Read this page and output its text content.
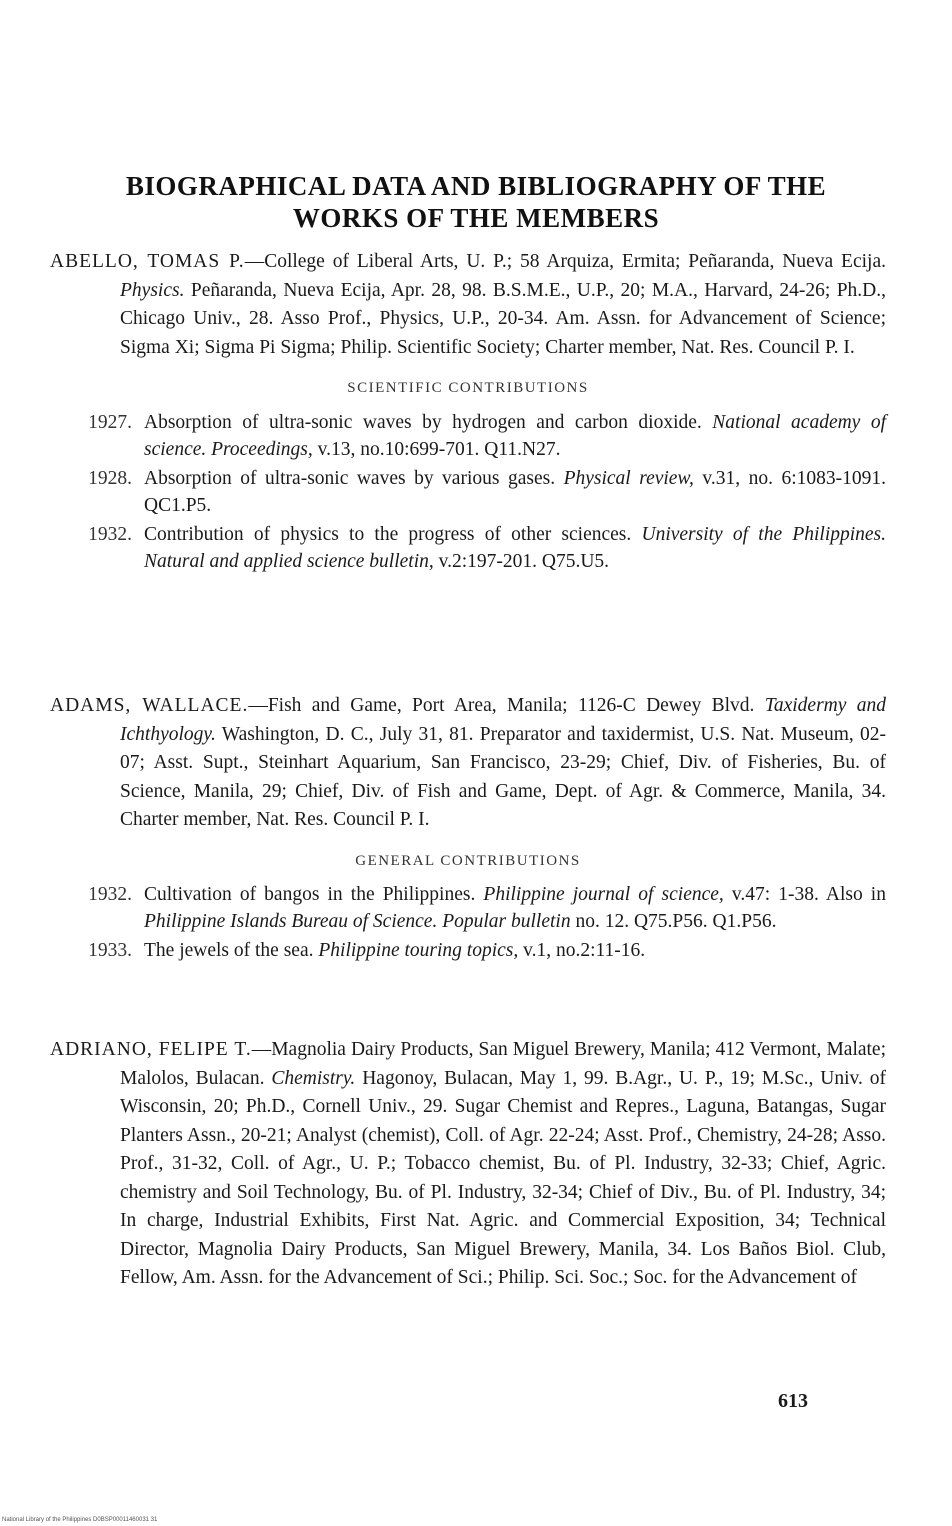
BIOGRAPHICAL DATA AND BIBLIOGRAPHY OF THE
WORKS OF THE MEMBERS
ABELLO, TOMAS P.—College of Liberal Arts, U. P.; 58 Arquiza, Ermita; Peñaranda, Nueva Ecija. Physics. Peñaranda, Nueva Ecija, Apr. 28, 98. B.S.M.E., U.P., 20; M.A., Harvard, 24-26; Ph.D., Chicago Univ., 28. Asso Prof., Physics, U.P., 20-34. Am. Assn. for Advancement of Science; Sigma Xi; Sigma Pi Sigma; Philip. Scientific Society; Charter member, Nat. Res. Council P. I.
SCIENTIFIC CONTRIBUTIONS
1927. Absorption of ultra-sonic waves by hydrogen and carbon dioxide. National academy of science. Proceedings, v.13, no.10:699-701. Q11.N27.
1928. Absorption of ultra-sonic waves by various gases. Physical review, v.31, no. 6:1083-1091. QC1.P5.
1932. Contribution of physics to the progress of other sciences. University of the Philippines. Natural and applied science bulletin, v.2:197-201. Q75.U5.
ADAMS, WALLACE.—Fish and Game, Port Area, Manila; 1126-C Dewey Blvd. Taxidermy and Ichthyology. Washington, D. C., July 31, 81. Preparator and taxidermist, U.S. Nat. Museum, 02-07; Asst. Supt., Steinhart Aquarium, San Francisco, 23-29; Chief, Div. of Fisheries, Bu. of Science, Manila, 29; Chief, Div. of Fish and Game, Dept. of Agr. & Commerce, Manila, 34. Charter member, Nat. Res. Council P. I.
GENERAL CONTRIBUTIONS
1932. Cultivation of bangos in the Philippines. Philippine journal of science, v.47: 1-38. Also in Philippine Islands Bureau of Science. Popular bulletin no. 12. Q75.P56. Q1.P56.
1933. The jewels of the sea. Philippine touring topics, v.1, no.2:11-16.
ADRIANO, FELIPE T.—Magnolia Dairy Products, San Miguel Brewery, Manila; 412 Vermont, Malate; Malolos, Bulacan. Chemistry. Hagonoy, Bulacan, May 1, 99. B.Agr., U. P., 19; M.Sc., Univ. of Wisconsin, 20; Ph.D., Cornell Univ., 29. Sugar Chemist and Repres., Laguna, Batangas, Sugar Planters Assn., 20-21; Analyst (chemist), Coll. of Agr. 22-24; Asst. Prof., Chemistry, 24-28; Asso. Prof., 31-32, Coll. of Agr., U. P.; Tobacco chemist, Bu. of Pl. Industry, 32-33; Chief, Agric. chemistry and Soil Technology, Bu. of Pl. Industry, 32-34; Chief of Div., Bu. of Pl. Industry, 34; In charge, Industrial Exhibits, First Nat. Agric. and Commercial Exposition, 34; Technical Director, Magnolia Dairy Products, San Miguel Brewery, Manila, 34. Los Baños Biol. Club, Fellow, Am. Assn. for the Advancement of Sci.; Philip. Sci. Soc.; Soc. for the Advancement of
613
National Library of the Philippines D0BSP00011460031 31
